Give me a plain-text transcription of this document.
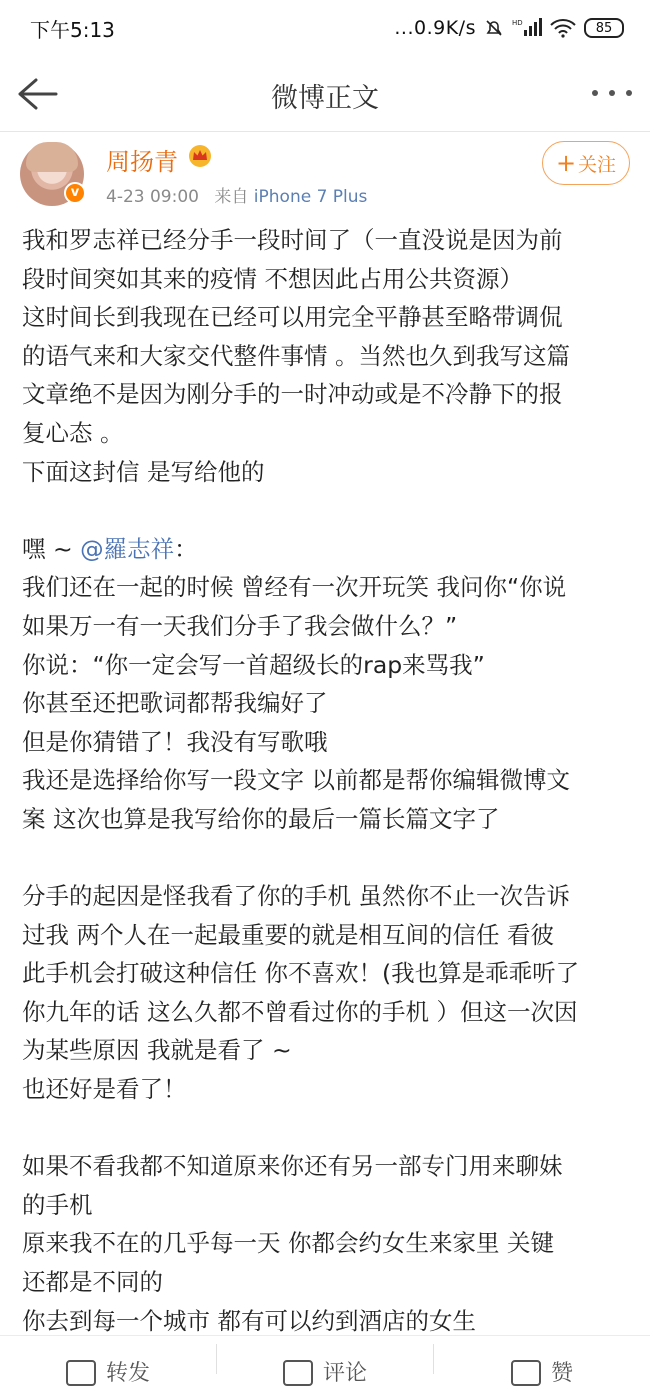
下午5:13	...0.9K/s	HD	85
微博正文
v
周扬青
4-23 09:00 来自 iPhone 7 Plus
+ 关注

我和罗志祥已经分手一段时间了（一直没说是因为前

段时间突如其来的疫情 不想因此占用公共资源）

这时间长到我现在已经可以用完全平静甚至略带调侃

的语气来和大家交代整件事情 。当然也久到我写这篇

文章绝不是因为刚分手的一时冲动或是不冷静下的报

复心态 。

下面这封信 是写给他的

嘿 ~ @羅志祥：

我们还在一起的时候 曾经有一次开玩笑 我问你“你说

如果万一有一天我们分手了我会做什么？”

你说：“你一定会写一首超级长的rap来骂我”

你甚至还把歌词都帮我编好了

但是你猜错了！我没有写歌哦

我还是选择给你写一段文字 以前都是帮你编辑微博文

案 这次也算是我写给你的最后一篇长篇文字了

分手的起因是怪我看了你的手机 虽然你不止一次告诉

过我 两个人在一起最重要的就是相互间的信任 看彼

此手机会打破这种信任 你不喜欢！(我也算是乖乖听了

你九年的话 这么久都不曾看过你的手机 ）但这一次因

为某些原因 我就是看了 ~

也还好是看了！

如果不看我都不知道原来你还有另一部专门用来聊妹

的手机

原来我不在的几乎每一天 你都会约女生来家里 关键

还都是不同的

你去到每一个城市 都有可以约到酒店的女生

转发	评论	赞
